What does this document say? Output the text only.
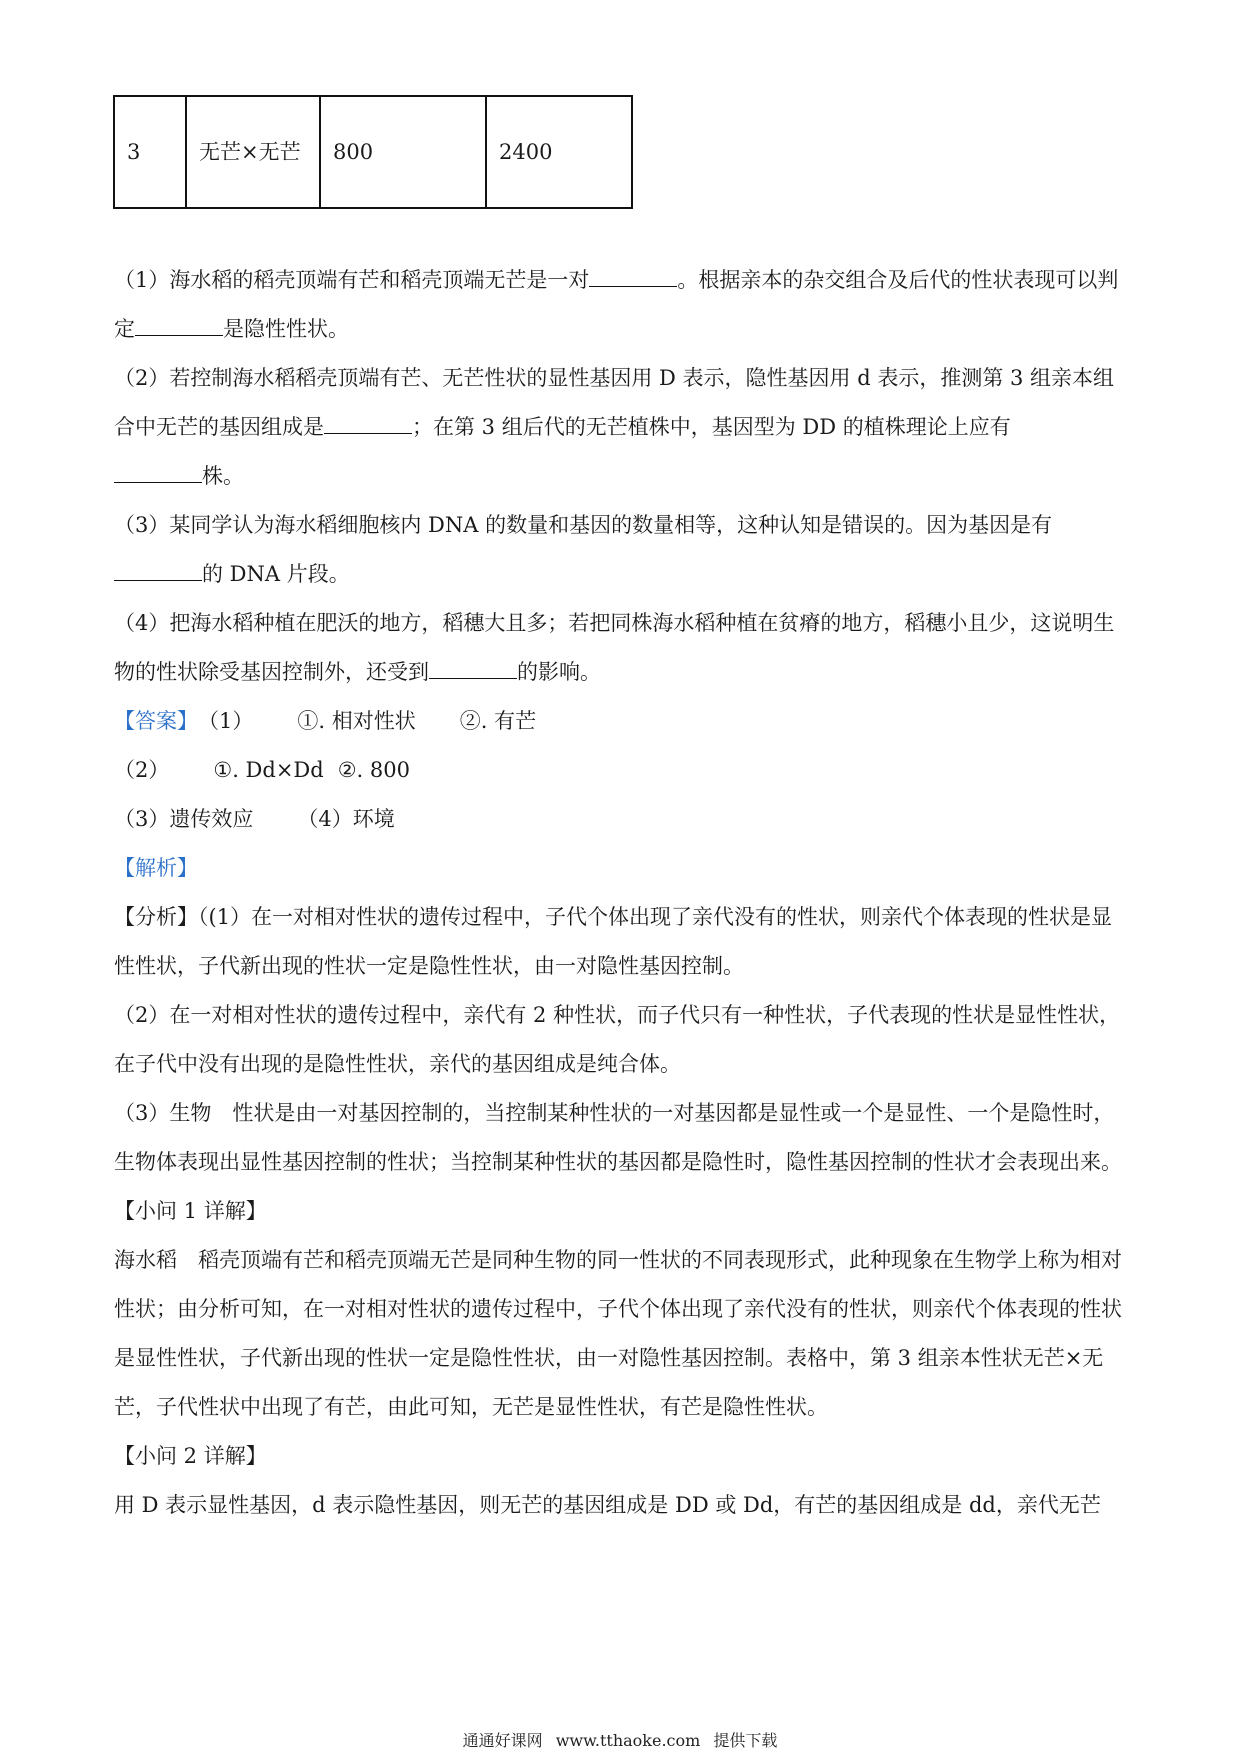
3	无芒×无芒	800	2400

（1）海水稻的稻壳顶端有芒和稻壳顶端无芒是一对	。根据亲本的杂交组合及后代的性状表现可以判定	是隐性性状。

（2）若控制海水稻稻壳顶端有芒、无芒性状的显性基因用 D 表示，隐性基因用 d 表示，推测第 3 组亲本组合中无芒的基因组成是	；在第 3 组后代的无芒植株中，基因型为 DD 的植株理论上应有
株。

（3）某同学认为海水稻细胞核内 DNA 的数量和基因的数量相等，这种认知是错误的。因为基因是有
的 DNA 片段。

（4）把海水稻种植在肥沃的地方，稻穗大且多；若把同株海水稻种植在贫瘠的地方，稻穗小且少，这说明生物的性状除受基因控制外，还受到	的影响。

【答案】（1） ①. 相对性状 ②. 有芒

（2） ①. Dd×Dd ②. 800

（3）遗传效应 （4）环境

【解析】

【分析】（(1）在一对相对性状的遗传过程中，子代个体出现了亲代没有的性状，则亲代个体表现的性状是显性性状，子代新出现的性状一定是隐性性状，由一对隐性基因控制。

（2）在一对相对性状的遗传过程中，亲代有 2 种性状，而子代只有一种性状，子代表现的性状是显性性状，在子代中没有出现的是隐性性状，亲代的基因组成是纯合体。

（3）生物　性状是由一对基因控制的，当控制某种性状的一对基因都是显性或一个是显性、一个是隐性时，生物体表现出显性基因控制的性状；当控制某种性状的基因都是隐性时，隐性基因控制的性状才会表现出来。

【小问 1 详解】

海水稻　稻壳顶端有芒和稻壳顶端无芒是同种生物的同一性状的不同表现形式，此种现象在生物学上称为相对性状；由分析可知，在一对相对性状的遗传过程中，子代个体出现了亲代没有的性状，则亲代个体表现的性状是显性性状，子代新出现的性状一定是隐性性状，由一对隐性基因控制。表格中，第 3 组亲本性状无芒×无芒，子代性状中出现了有芒，由此可知，无芒是显性性状，有芒是隐性性状。

【小问 2 详解】

用 D 表示显性基因，d 表示隐性基因，则无芒的基因组成是 DD 或 Dd，有芒的基因组成是 dd，亲代无芒

通通好课网 www.tthaoke.com 提供下载
